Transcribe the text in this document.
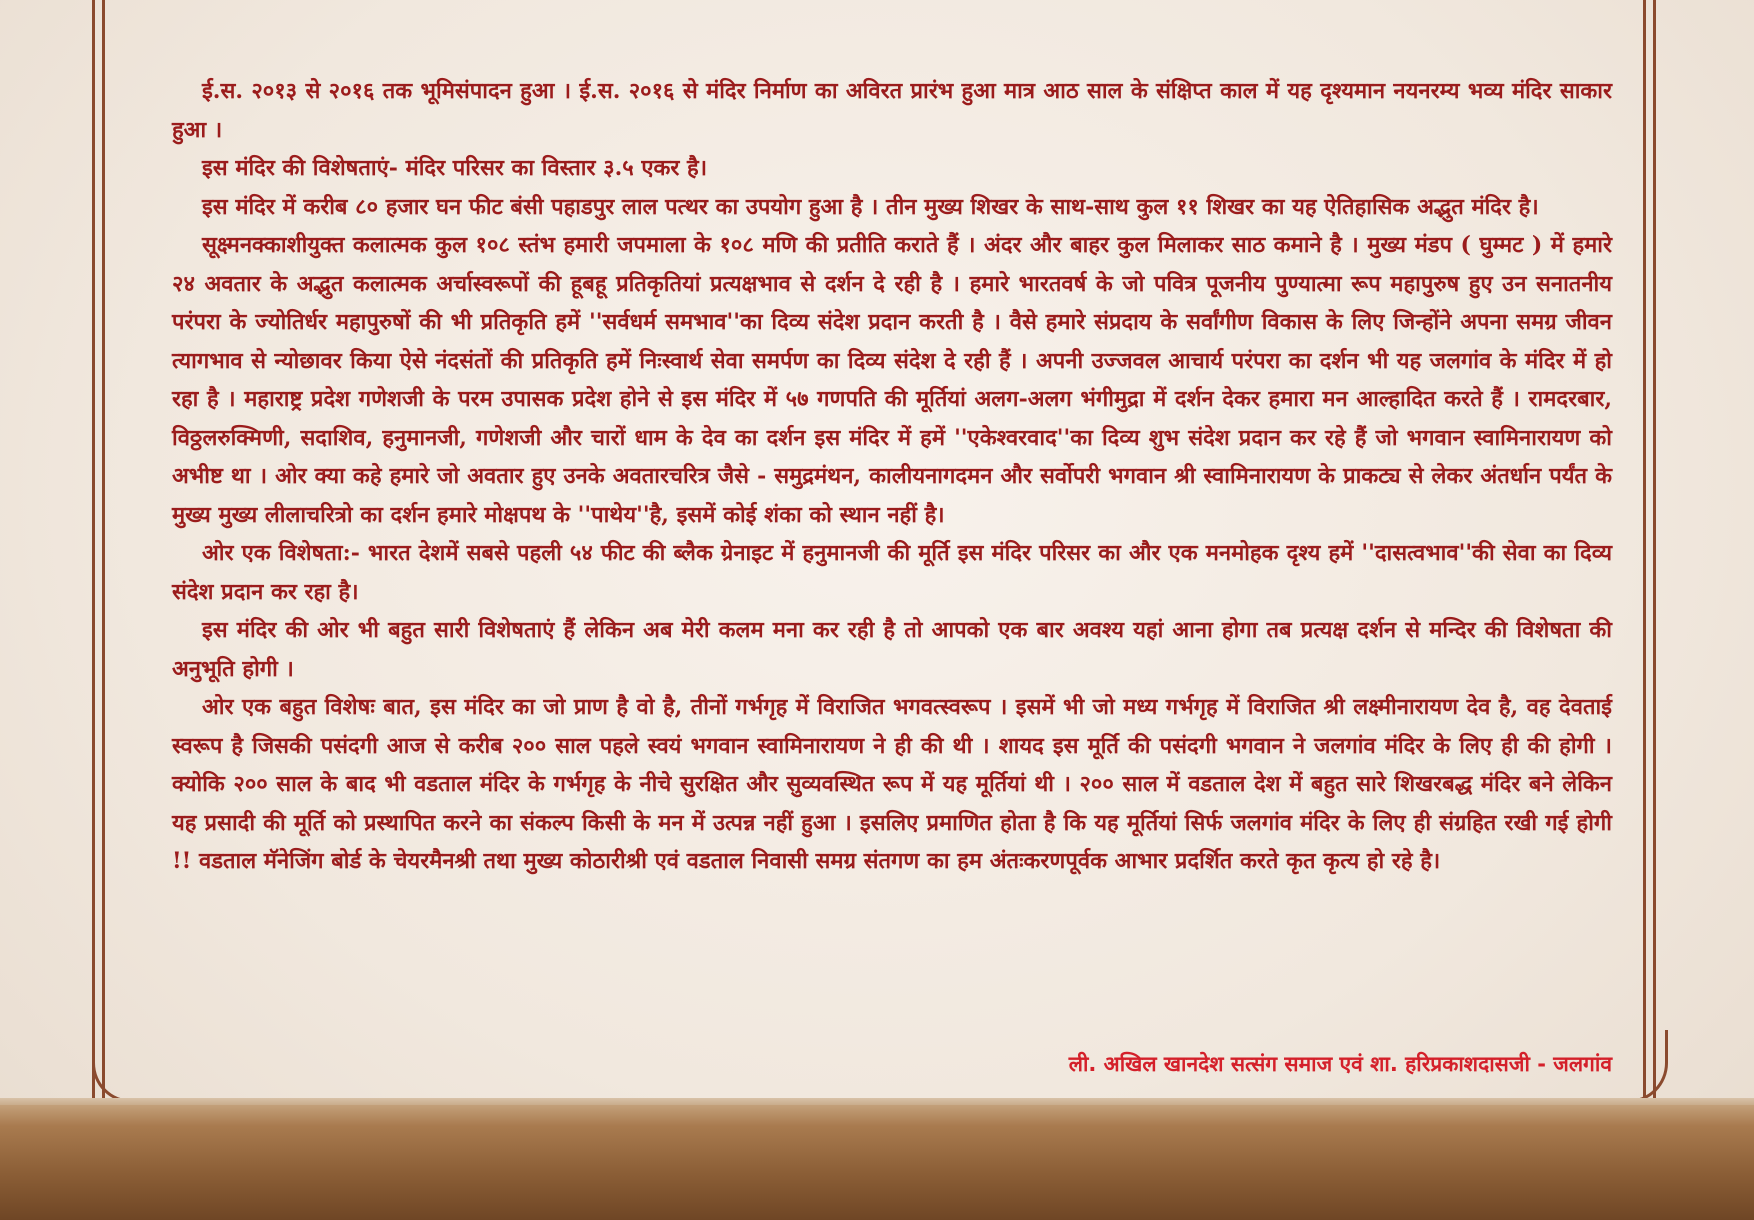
ई.स. २०१३ से २०१६ तक भूमिसंपादन हुआ । ई.स. २०१६ से मंदिर निर्माण का अविरत प्रारंभ हुआ मात्र आठ साल के संक्षिप्त काल में यह दृश्यमान नयनरम्य भव्य मंदिर साकार हुआ ।

इस मंदिर की विशेषताएं- मंदिर परिसर का विस्तार ३.५ एकर है।

इस मंदिर में करीब ८० हजार घन फीट बंसी पहाडपुर लाल पत्थर का उपयोग हुआ है । तीन मुख्य शिखर के साथ-साथ कुल ११ शिखर का यह ऐतिहासिक अद्भुत मंदिर है।

सूक्ष्मनक्काशीयुक्त कलात्मक कुल १०८ स्तंभ हमारी जपमाला के १०८ मणि की प्रतीति कराते हैं । अंदर और बाहर कुल मिलाकर साठ कमाने है । मुख्य मंडप ( घुम्मट ) में हमारे २४ अवतार के अद्भुत कलात्मक अर्चास्वरूपों की हूबहू प्रतिकृतियां प्रत्यक्षभाव से दर्शन दे रही है । हमारे भारतवर्ष के जो पवित्र पूजनीय पुण्यात्मा रूप महापुरुष हुए उन सनातनीय परंपरा के ज्योतिर्धर महापुरुषों की भी प्रतिकृति हमें ''सर्वधर्म समभाव''का दिव्य संदेश प्रदान करती है । वैसे हमारे संप्रदाय के सर्वांगीण विकास के लिए जिन्होंने अपना समग्र जीवन त्यागभाव से न्योछावर किया ऐसे नंदसंतों की प्रतिकृति हमें निःस्वार्थ सेवा समर्पण का दिव्य संदेश दे रही हैं । अपनी उज्जवल आचार्य परंपरा का दर्शन भी यह जलगांव के मंदिर में हो रहा है । महाराष्ट्र प्रदेश गणेशजी के परम उपासक प्रदेश होने से इस मंदिर में ५७ गणपति की मूर्तियां अलग-अलग भंगीमुद्रा में दर्शन देकर हमारा मन आल्हादित करते हैं । रामदरबार, विठ्ठलरुक्मिणी, सदाशिव, हनुमानजी, गणेशजी और चारों धाम के देव का दर्शन इस मंदिर में हमें ''एकेश्वरवाद''का दिव्य शुभ संदेश प्रदान कर रहे हैं जो भगवान स्वामिनारायण को अभीष्ट था । ओर क्या कहे हमारे जो अवतार हुए उनके अवतारचरित्र जैसे - समुद्रमंथन, कालीयनागदमन और सर्वोपरी भगवान श्री स्वामिनारायण के प्राकट्य से लेकर अंतर्धान पर्यंत के मुख्य मुख्य लीलाचरित्रो का दर्शन हमारे मोक्षपथ के ''पाथेय''है, इसमें कोई शंका को स्थान नहीं है।

ओर एक विशेषता:- भारत देशमें सबसे पहली ५४ फीट की ब्लैक ग्रेनाइट में हनुमानजी की मूर्ति इस मंदिर परिसर का और एक मनमोहक दृश्य हमें ''दासत्वभाव''की सेवा का दिव्य संदेश प्रदान कर रहा है।

इस मंदिर की ओर भी बहुत सारी विशेषताएं हैं लेकिन अब मेरी कलम मना कर रही है तो आपको एक बार अवश्य यहां आना होगा तब प्रत्यक्ष दर्शन से मन्दिर की विशेषता की अनुभूति होगी ।

ओर एक बहुत विशेषः बात, इस मंदिर का जो प्राण है वो है, तीनों गर्भगृह में विराजित भगवत्स्वरूप । इसमें भी जो मध्य गर्भगृह में विराजित श्री लक्ष्मीनारायण देव है, वह देवताई स्वरूप है जिसकी पसंदगी आज से करीब २०० साल पहले स्वयं भगवान स्वामिनारायण ने ही की थी । शायद इस मूर्ति की पसंदगी भगवान ने जलगांव मंदिर के लिए ही की होगी । क्योकि २०० साल के बाद भी वडताल मंदिर के गर्भगृह के नीचे सुरक्षित और सुव्यवस्थित रूप में यह मूर्तियां थी । २०० साल में वडताल देश में बहुत सारे शिखरबद्ध मंदिर बने लेकिन यह प्रसादी की मूर्ति को प्रस्थापित करने का संकल्प किसी के मन में उत्पन्न नहीं हुआ । इसलिए प्रमाणित होता है कि यह मूर्तियां सिर्फ जलगांव मंदिर के लिए ही संग्रहित रखी गई होगी !! वडताल मॅनेजिंग बोर्ड के चेयरमैनश्री तथा मुख्य कोठारीश्री एवं वडताल निवासी समग्र संतगण का हम अंतःकरणपूर्वक आभार प्रदर्शित करते कृत कृत्य हो रहे है।

ली. अखिल खानदेश सत्संग समाज एवं शा. हरिप्रकाशदासजी - जलगांव
